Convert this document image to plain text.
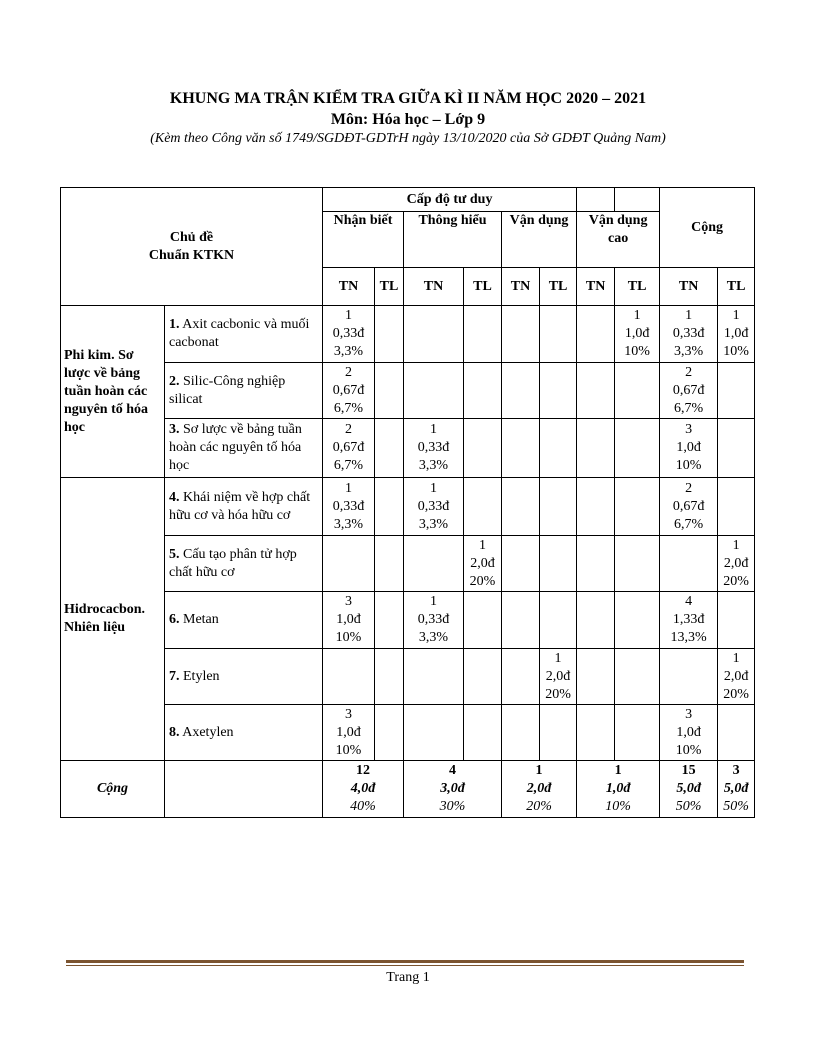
KHUNG MA TRẬN KIỂM TRA GIỮA KÌ II NĂM HỌC 2020 – 2021
Môn: Hóa học – Lớp 9
(Kèm theo Công văn số 1749/SGDĐT-GDTrH ngày 13/10/2020 của Sở GDĐT Quảng Nam)
Chủ đề
Chuẩn KTKN		Cấp độ tư duy								Cộng	
		Nhận biết		Thông hiểu		Vận dụng		Vận dụng cao			
		TN	TL	TN	TL	TN	TL	TN	TL	TN	TL
Phi kim. Sơ lược về bảng tuần hoàn các nguyên tố hóa học	1. Axit cacbonic và muối cacbonat	1
0,33đ
3,3%							1
1,0đ
10%	1
0,33đ
3,3%	1
1,0đ
10%

	2. Silic-Công nghiệp silicat	2
0,67đ
6,7%								2
0,67đ
6,7%	

	3. Sơ lược về bảng tuần hoàn các nguyên tố hóa học	2
0,67đ
6,7%		1
0,33đ
3,3%						3
1,0đ
10%	

Hidrocacbon. Nhiên liệu	4. Khái niệm về hợp chất hữu cơ và hóa hữu cơ	1
0,33đ
3,3%		1
0,33đ
3,3%						2
0,67đ
6,7%	

	5. Cấu tạo phân tử hợp chất hữu cơ				1
2,0đ
20%						1
2,0đ
20%

	6. Metan	3
1,0đ
10%		1
0,33đ
3,3%						4
1,33đ
13,3%	

	7. Etylen						1
2,0đ
20%				1
2,0đ
20%

	8. Axetylen	3
1,0đ
10%								3
1,0đ
10%	

Cộng		12
4,0đ
40%		4
3,0đ
30%		1
2,0đ
20%		1
1,0đ
10%		15
5,0đ
50%	3
5,0đ
50%
Trang 1
